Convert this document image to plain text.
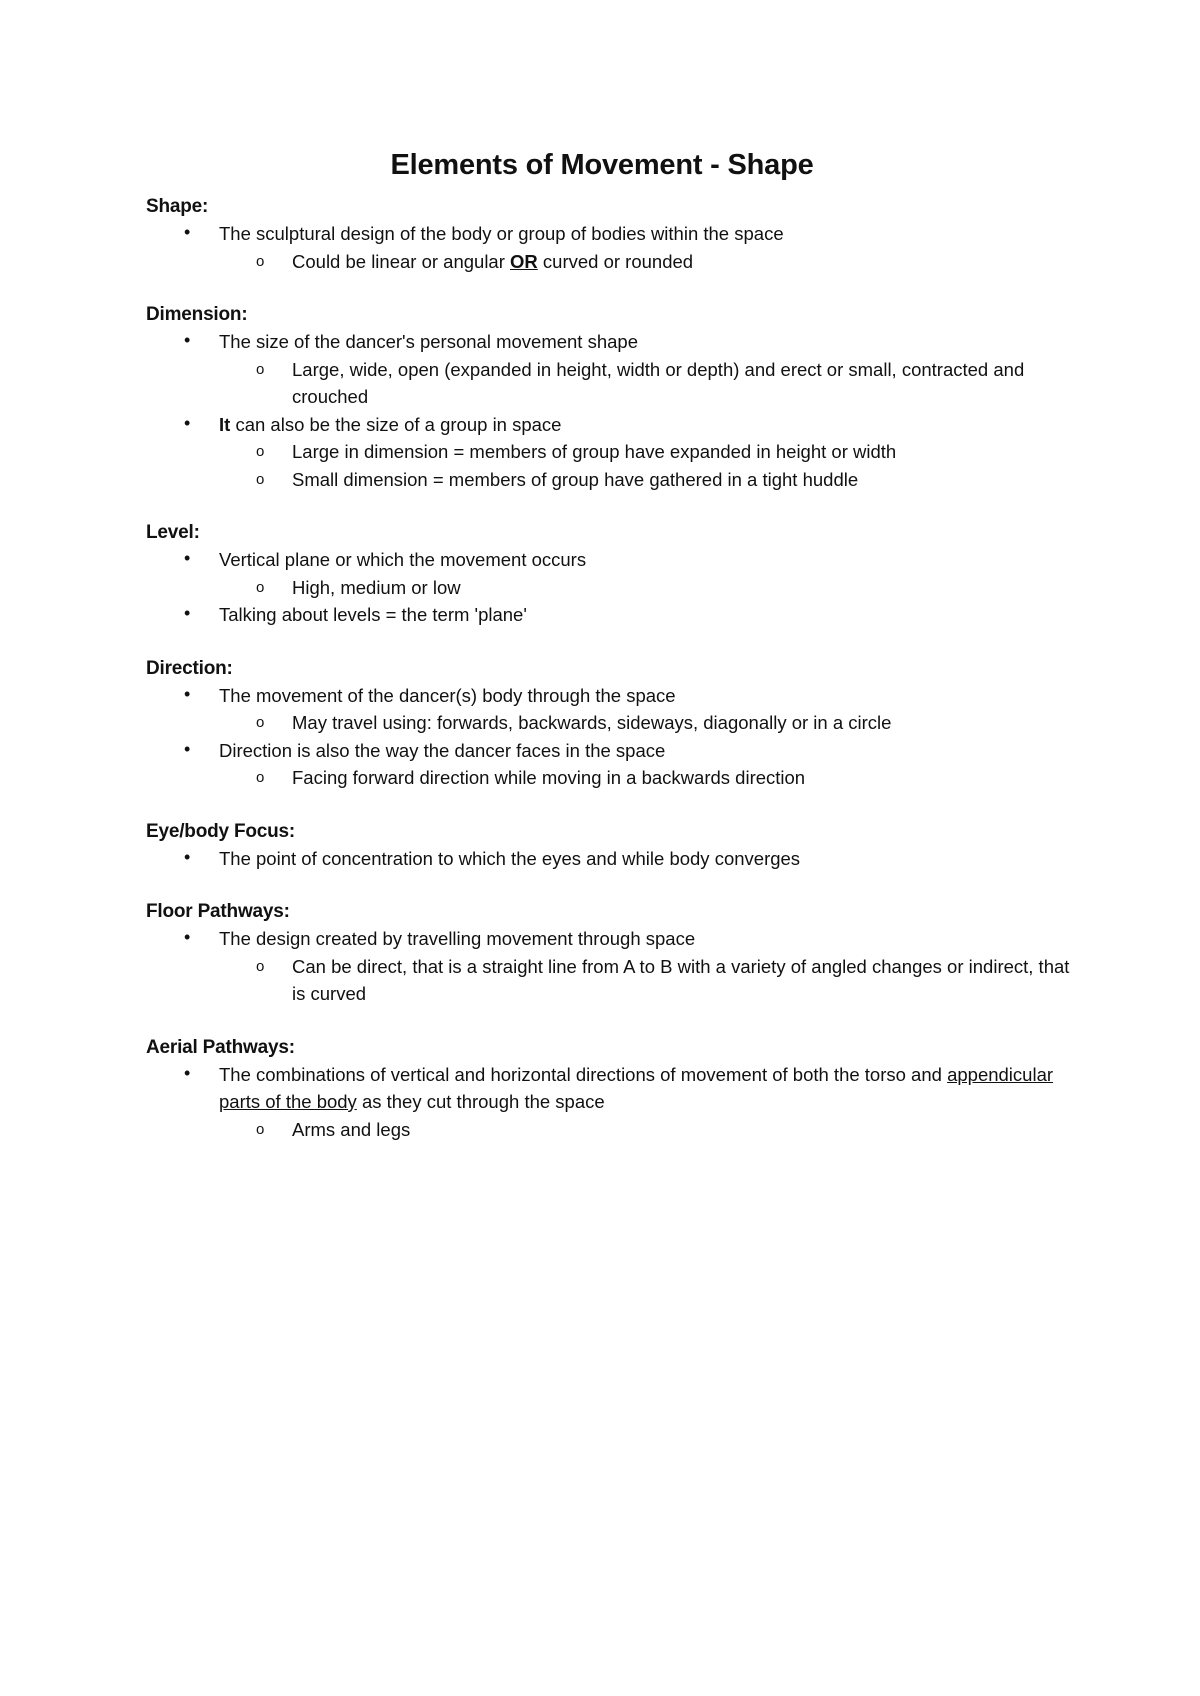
Elements of Movement - Shape
Shape:
• The sculptural design of the body or group of bodies within the space
o Could be linear or angular OR curved or rounded
Dimension:
• The size of the dancer's personal movement shape
o Large, wide, open (expanded in height, width or depth) and erect or small, contracted and crouched
• It can also be the size of a group in space
o Large in dimension = members of group have expanded in height or width
o Small dimension = members of group have gathered in a tight huddle
Level:
• Vertical plane or which the movement occurs
o High, medium or low
• Talking about levels = the term 'plane'
Direction:
• The movement of the dancer(s) body through the space
o May travel using: forwards, backwards, sideways, diagonally or in a circle
• Direction is also the way the dancer faces in the space
o Facing forward direction while moving in a backwards direction
Eye/body Focus:
• The point of concentration to which the eyes and while body converges
Floor Pathways:
• The design created by travelling movement through space
o Can be direct, that is a straight line from A to B with a variety of angled changes or indirect, that is curved
Aerial Pathways:
• The combinations of vertical and horizontal directions of movement of both the torso and appendicular parts of the body as they cut through the space
o Arms and legs
